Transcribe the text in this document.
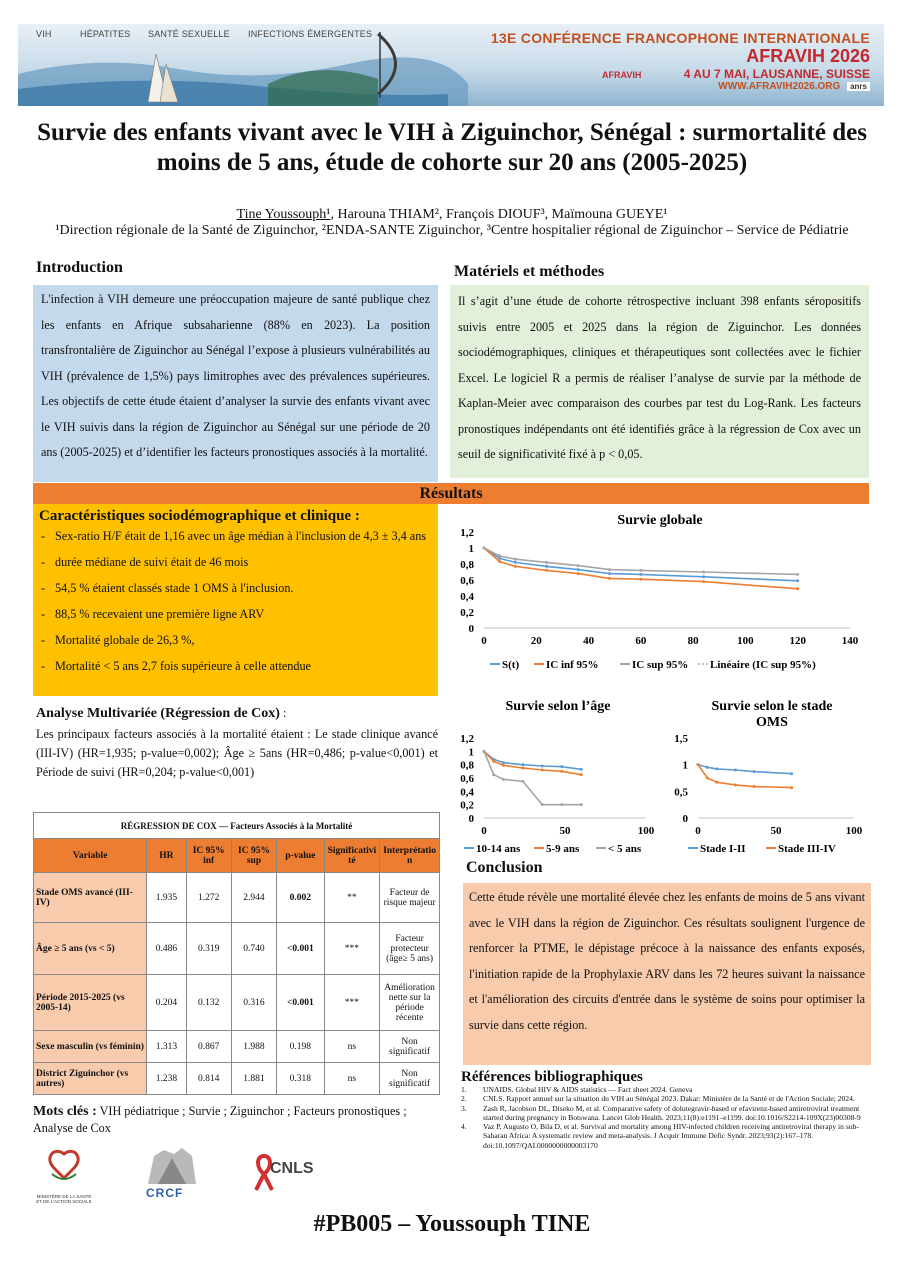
VIH	HÉPATITES SANTÉ SEXUELLE INFECTIONS ÉMERGENTES	13E CONFÉRENCE FRANCOPHONE INTERNATIONALE
AFRAVIH 2026
4 AU 7 MAI, LAUSANNE, SUISSE
WWW.AFRAVIH2026.ORG anrs
AFRAVIH
Survie des enfants vivant avec le VIH à Ziguinchor, Sénégal : surmortalité des moins de 5 ans, étude de cohorte sur 20 ans (2005-2025)
Tine Youssouph¹, Harouna THIAM², François DIOUF³, Maïmouna GUEYE¹
¹Direction régionale de la Santé de Ziguinchor, ²ENDA-SANTE Ziguinchor, ³Centre hospitalier régional de Ziguinchor – Service de Pédiatrie
Introduction
L'infection à VIH demeure une préoccupation majeure de santé publique chez les enfants en Afrique subsaharienne (88% en 2023). La position transfrontalière de Ziguinchor au Sénégal l’expose à plusieurs vulnérabilités au VIH (prévalence de 1,5%) pays limitrophes avec des prévalences supérieures. Les objectifs de cette étude étaient d’analyser la survie des enfants vivant avec le VIH suivis dans la région de Ziguinchor au Sénégal sur une période de 20 ans (2005-2025) et d’identifier les facteurs pronostiques associés à la mortalité.
Matériels et méthodes
Il s’agit d’une étude de cohorte rétrospective incluant 398 enfants séropositifs suivis entre 2005 et 2025 dans la région de Ziguinchor. Les données sociodémographiques, cliniques et thérapeutiques sont collectées avec le fichier Excel. Le logiciel R a permis de réaliser l’analyse de survie par la méthode de Kaplan-Meier avec comparaison des courbes par test du Log-Rank. Les facteurs pronostiques indépendants ont été identifiés grâce à la régression de Cox avec un seuil de significativité fixé à p < 0,05.
Résultats
Caractéristiques sociodémographique et clinique :
- Sex-ratio H/F était de 1,16 avec un âge médian à l'inclusion de 4,3 ± 3,4 ans
- durée médiane de suivi était de 46 mois
- 54,5 % étaient classés stade 1 OMS à l'inclusion.
- 88,5 % recevaient une première ligne ARV
- Mortalité globale de 26,3 %,
- Mortalité < 5 ans 2,7 fois supérieure à celle attendue
Analyse Multivariée (Régression de Cox) :
Les principaux facteurs associés à la mortalité étaient : Le stade clinique avancé (III-IV) (HR=1,935; p-value=0,002); Âge ≥ 5ans (HR=0,486; p-value<0,001) et Période de suivi (HR=0,204; p-value<0,001)
RÉGRESSION DE COX — Facteurs Associés à la Mortalité						
Variable	HR	IC 95% inf	IC 95% sup	p-value	Significativité	Interprétation
Stade OMS avancé (III-IV)	1.935	1.272	2.944	0.002	**	Facteur de risque majeur
Âge ≥ 5 ans (vs < 5)	0.486	0.319	0.740	<0.001	***	Facteur protecteur (âge≥ 5 ans)
Période 2015-2025 (vs 2005-14)	0.204	0.132	0.316	<0.001	***	Amélioration nette sur la période récente
Sexe masculin (vs féminin)	1.313	0.867	1.988	0.198	ns	Non significatif
District Ziguinchor (vs autres)	1.238	0.814	1.881	0.318	ns	Non significatif
Mots clés : VIH pédiatrique ; Survie ; Ziguinchor ; Facteurs pronostiques ; Analyse de Cox
MINISTÈRE DE LA SANTÉ ET DE L'ACTION SOCIALE
CRCF
CNLS
Survie globale
0
0,2
0,4
0,6
0,8
1
1,2
0	20	40	60	80	100	120	140
S(t) IC inf 95%	IC sup 95% Linéaire (IC sup 95%)
Survie selon l’âge
0
0,2
0,4
0,6
0,8
1
1,2
0	50	100
10-14 ans 5-9 ans	< 5 ans
Survie selon le stade
OMS
0
0,5
1
1,5
0	50	100
Stade I-II	Stade III-IV
Conclusion
Cette étude révèle une mortalité élevée chez les enfants de moins de 5 ans vivant avec le VIH dans la région de Ziguinchor. Ces résultats soulignent l'urgence de renforcer la PTME, le dépistage précoce à la naissance des enfants exposés, l'initiation rapide de la Prophylaxie ARV dans les 72 heures suivant la naissance et l'amélioration des circuits d'entrée dans le système de soins pour optimiser la survie dans cette région.
Références bibliographiques
1.	UNAIDS. Global HIV & AIDS statistics — Fact sheet 2024. Geneva
2.	CNLS. Rapport annuel sur la situation du VIH au Sénégal 2023. Dakar: Ministère de la Santé et de l'Action Sociale; 2024.
3.	Zash R, Jacobson DL, Diseko M, et al. Comparative safety of dolutegravir-based or efavirenz-based antiretroviral treatment started during pregnancy in Botswana. Lancet Glob Health. 2023;11(8):e1191–e1199. doi:10.1016/S2214-109X(23)00308-9
4.	Vaz P, Augusto O, Bila D, et al. Survival and mortality among HIV-infected children receiving antiretroviral therapy in sub-Saharan Africa: A systematic review and meta-analysis. J Acquir Immune Defic Syndr. 2023;93(2):167–178. doi:10.1097/QAI.0000000000003170
#PB005 – Youssouph TINE
